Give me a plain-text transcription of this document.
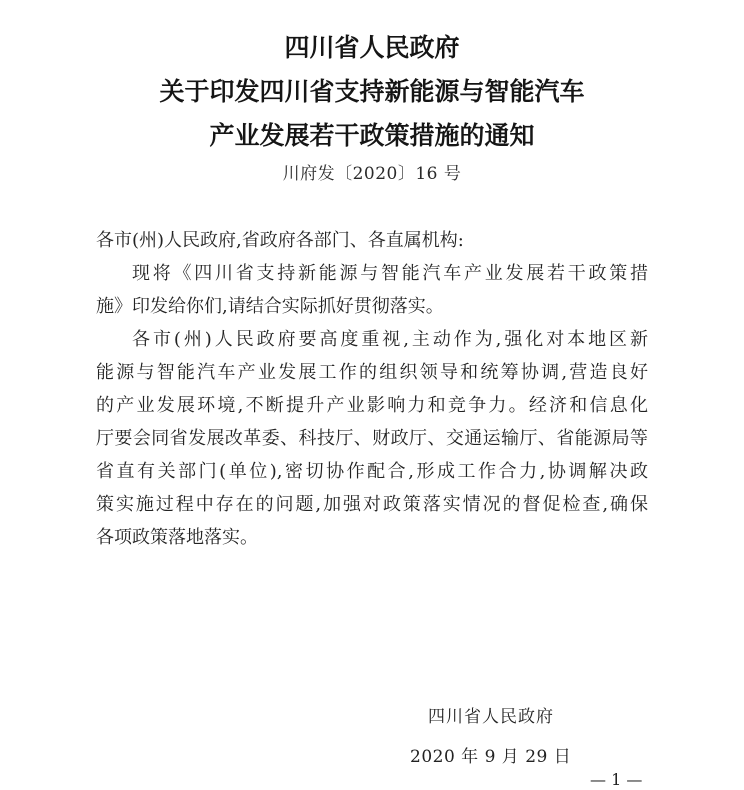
四川省人民政府
关于印发四川省支持新能源与智能汽车
产业发展若干政策措施的通知
川府发〔2020〕16 号
各市(州)人民政府,省政府各部门、各直属机构:
现将《四川省支持新能源与智能汽车产业发展若干政策措
施》印发给你们,请结合实际抓好贯彻落实。
各市(州)人民政府要高度重视,主动作为,强化对本地区新
能源与智能汽车产业发展工作的组织领导和统筹协调,营造良好
的产业发展环境,不断提升产业影响力和竞争力。经济和信息化
厅要会同省发展改革委、科技厅、财政厅、交通运输厅、省能源局等
省直有关部门(单位),密切协作配合,形成工作合力,协调解决政
策实施过程中存在的问题,加强对政策落实情况的督促检查,确保
各项政策落地落实。
四川省人民政府
2020 年 9 月 29 日
— 1 —
